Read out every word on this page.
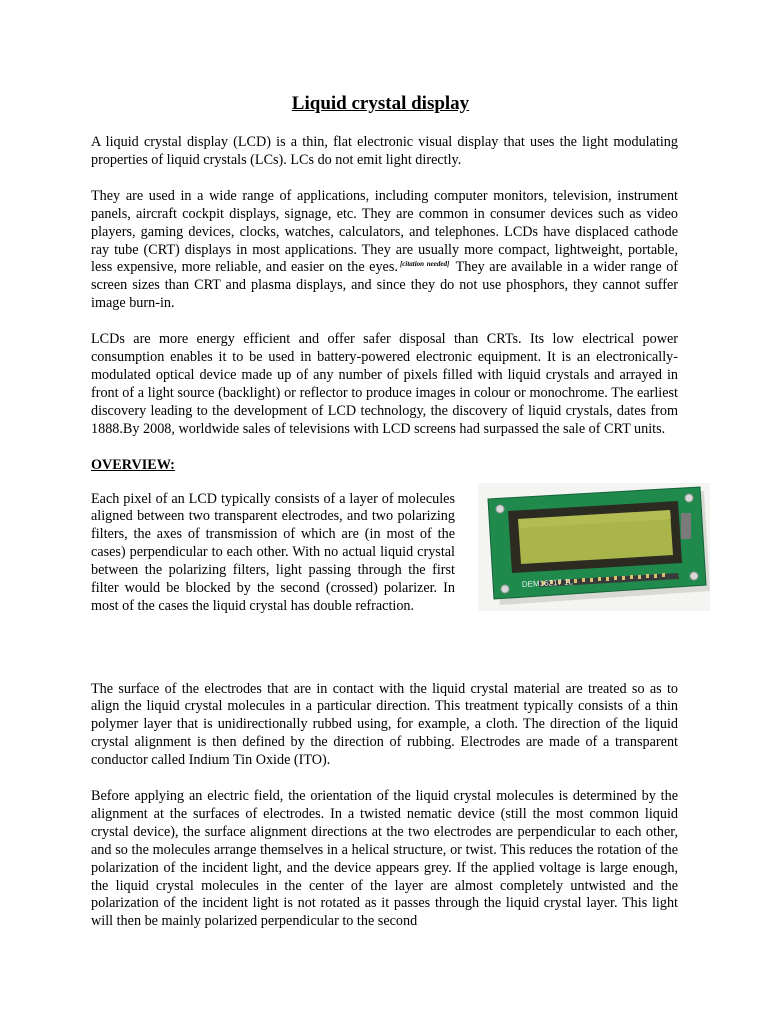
Liquid crystal display

A liquid crystal display (LCD) is a thin, flat electronic visual display that uses the light modulating properties of liquid crystals (LCs). LCs do not emit light directly.

They are used in a wide range of applications, including computer monitors, television, instrument panels, aircraft cockpit displays, signage, etc. They are common in consumer devices such as video players, gaming devices, clocks, watches, calculators, and telephones. LCDs have displaced cathode ray tube (CRT) displays in most applications. They are usually more compact, lightweight, portable, less expensive, more reliable, and easier on the eyes. [citation needed] They are available in a wider range of screen sizes than CRT and plasma displays, and since they do not use phosphors, they cannot suffer image burn-in.

LCDs are more energy efficient and offer safer disposal than CRTs. Its low electrical power consumption enables it to be used in battery-powered electronic equipment. It is an electronically-modulated optical device made up of any number of pixels filled with liquid crystals and arrayed in front of a light source (backlight) or reflector to produce images in colour or monochrome. The earliest discovery leading to the development of LCD technology, the discovery of liquid crystals, dates from 1888.By 2008, worldwide sales of televisions with LCD screens had surpassed the sale of CRT units.

OVERVIEW:

Each pixel of an LCD typically consists of a layer of molecules aligned between two transparent electrodes, and two polarizing filters, the axes of transmission of which are (in most of the cases) perpendicular to each other. With no actual liquid crystal between the polarizing filters, light passing through the first filter would be blocked by the second (crossed) polarizer. In most of the cases the liquid crystal has double refraction.

DEM16217 1L

The surface of the electrodes that are in contact with the liquid crystal material are treated so as to align the liquid crystal molecules in a particular direction. This treatment typically consists of a thin polymer layer that is unidirectionally rubbed using, for example, a cloth. The direction of the liquid crystal alignment is then defined by the direction of rubbing. Electrodes are made of a transparent conductor called Indium Tin Oxide (ITO).

Before applying an electric field, the orientation of the liquid crystal molecules is determined by the alignment at the surfaces of electrodes. In a twisted nematic device (still the most common liquid crystal device), the surface alignment directions at the two electrodes are perpendicular to each other, and so the molecules arrange themselves in a helical structure, or twist. This reduces the rotation of the polarization of the incident light, and the device appears grey. If the applied voltage is large enough, the liquid crystal molecules in the center of the layer are almost completely untwisted and the polarization of the incident light is not rotated as it passes through the liquid crystal layer. This light will then be mainly polarized perpendicular to the second
